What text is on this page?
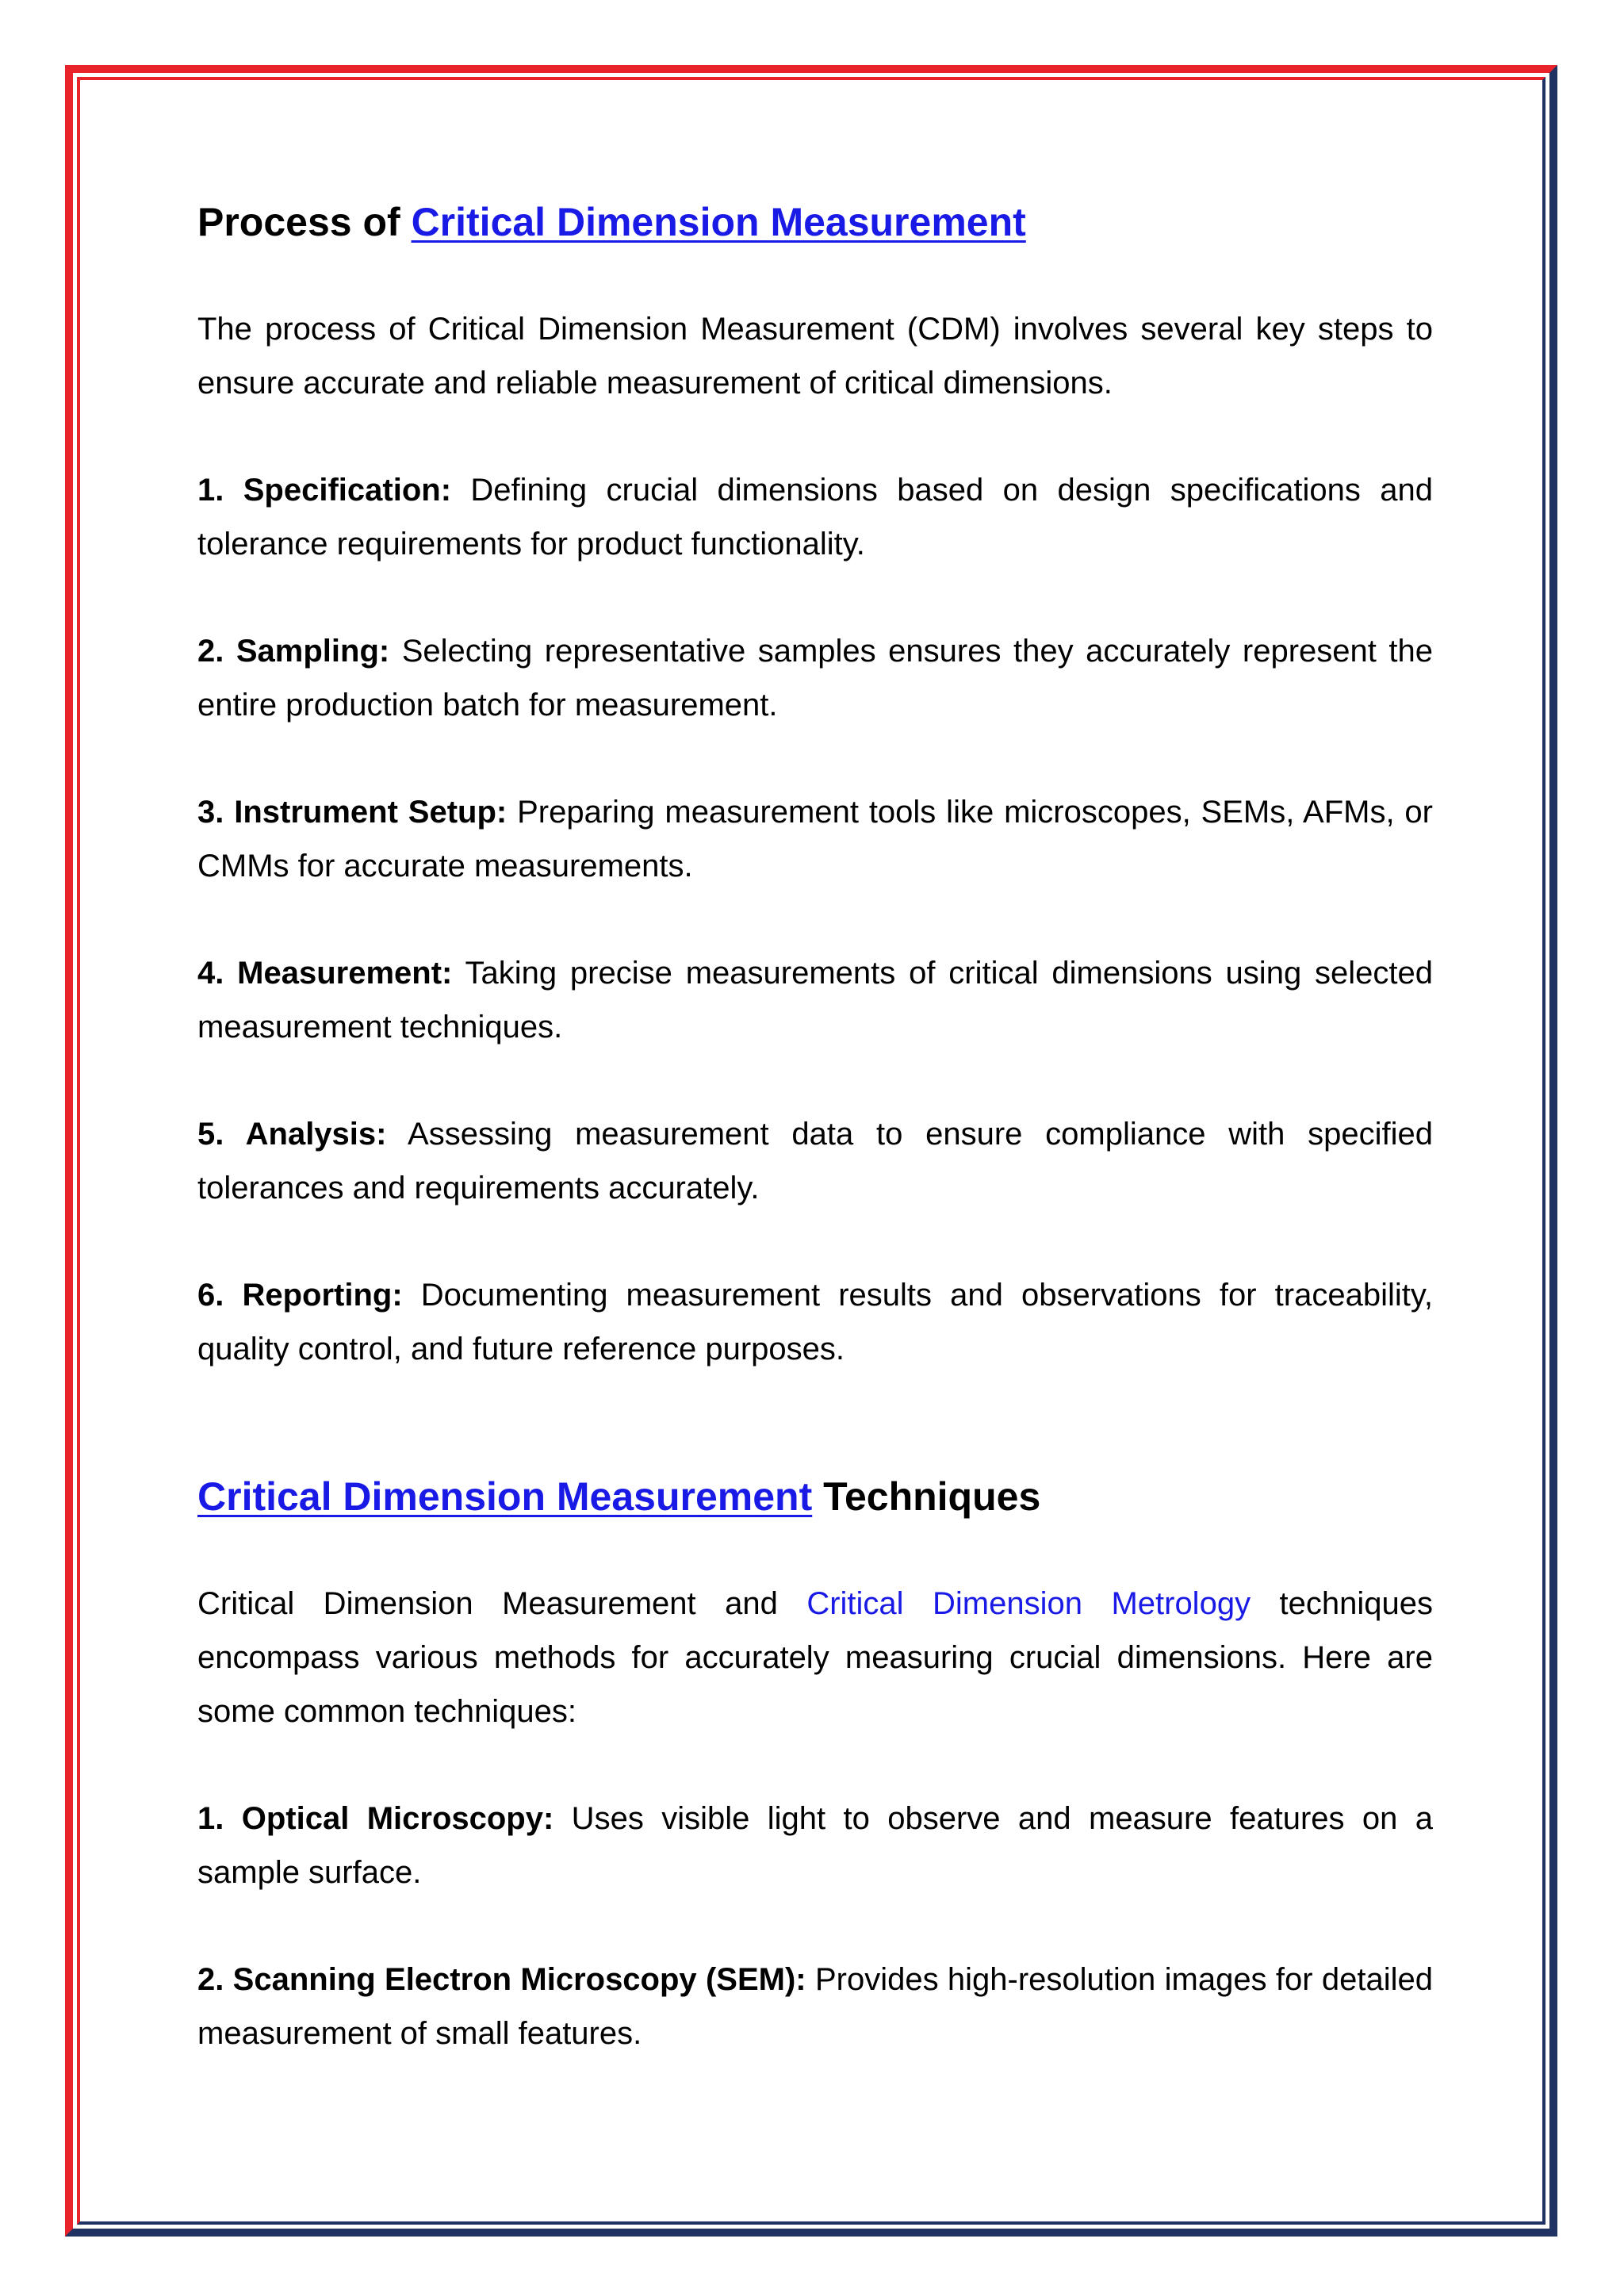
Process of Critical Dimension Measurement

The process of Critical Dimension Measurement (CDM) involves several key steps to ensure accurate and reliable measurement of critical dimensions.

1. Specification: Defining crucial dimensions based on design specifications and tolerance requirements for product functionality.

2. Sampling: Selecting representative samples ensures they accurately represent the entire production batch for measurement.

3. Instrument Setup: Preparing measurement tools like microscopes, SEMs, AFMs, or CMMs for accurate measurements.

4. Measurement: Taking precise measurements of critical dimensions using selected measurement techniques.

5. Analysis: Assessing measurement data to ensure compliance with specified tolerances and requirements accurately.

6. Reporting: Documenting measurement results and observations for traceability, quality control, and future reference purposes.

Critical Dimension Measurement Techniques

Critical Dimension Measurement and Critical Dimension Metrology techniques encompass various methods for accurately measuring crucial dimensions. Here are some common techniques:

1. Optical Microscopy: Uses visible light to observe and measure features on a sample surface.

2. Scanning Electron Microscopy (SEM): Provides high-resolution images for detailed measurement of small features.
